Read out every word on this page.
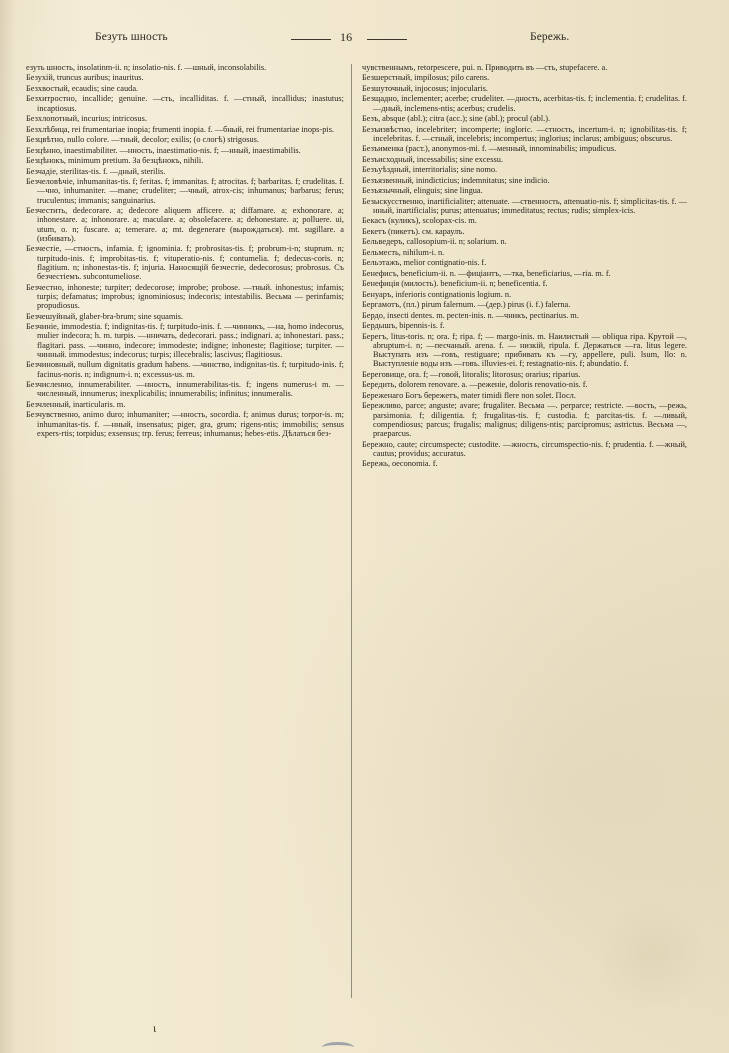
Безуть шность	16	Бережь.

езуть шность, insolatinm-ii. n; insolatio-nis. f. —шный, inconsolabilis.

Безухій, truncus auribus; inauritus.

Безхвостый, ecaudis; sine cauda.

Безхитростно, incallide; genuine. —сть, incalliditas. f. —стный, incallidus; inastutus; incaptiosus.

Безхлопотный, incurius; intricosus.

Безхлѣбица, rei frumentariae inopia; frumenti inopia. f. —бный, rei frumentariae inops-pis.

Безцвѣтно, nullo colore. —тный, decolor; exilis; (о слогѣ) strigosus.

Безцѣнно, inaestimabiliter. —нность, inaestimatio-nis. f; —нный, inaestimabilis.

Безцѣнокъ, minimum pretium. За безцѣнокъ, nihili.

Безчадіе, sterilitas-tis. f. —дный, sterilis.

Безчеловѣчіе, inhumanitas-tis. f; feritas. f; immanitas. f; atrocitas. f; barbaritas. f; crudelitas. f. —чно, inhumaniter. —mane; crudeliter; —чный, atrox-cis; inhumanus; barbarus; ferus; truculentus; immanis; sanguinarius.

Безчестить, dedecorare. a; dedecore aliquem afficere. a; diffamare. a; exhonorare. a; inhonestare. a; inhonorare. a; maculare. a; obsolefacere. a; dehonestare. a; polluere. ui, utum, o. n; fuscare. a; temerare. a; mt. degenerare (вырождаться). mt. sugillare. a (избивать).

Безчестіе, —стность, infamia. f; ignominia. f; probrositas-tis. f; probrum-i-n; stuprum. n; turpitudo-inis. f; improbitas-tis. f; vituperatio-nis. f; contumelia. f; dedecus-coris. n; flagitium. n; inhonestas-tis. f; injuria. Наносящій безчестіе, dedecorosus; probrosus. Съ безчестіемъ. subcontumeliose.

Безчестно, inhoneste; turpiter; dedecorose; improbe; probose. —тный. inhonestus; infamis; turpis; defamatus; improbus; ignominiosus; indecoris; intestabilis. Весьма — perinfamis; propudiosus.

Безчешуйный, glaber-bra-brum; sine squamis.

Безчиніе, immodestia. f; indignitas-tis. f; turpitudo-inis. f. —чинникъ, —на, homo indecorus, mulier indecora; h. m. turpis. —нничать, dedecorari. pass.; indignari. a; inhonestari. pass.; flagitari. pass. —чинно, indecore; immodeste; indigne; inhoneste; flagitiose; turpiter. —чинный. immodestus; indecorus; turpis; illecebralis; lascivus; flagitiosus.

Безчиновный, nullum dignitatis gradum habens. —чинство, indignitas-tis. f; turpitudo-inis. f; facinus-noris. n; indignum-i. n; excessus-us. m.

Безчисленно, innumerabiliter. —нность, innumerabilitas-tis. f; ingens numerus-i m. —численный, innumerus; inexplicabilis; innumerabilis; infinitus; innumeralis.

Безчленный, inarticularis. m.

Безчувственно, animo duro; inhumaniter; —нность, socordia. f; animus durus; torpor-is. m; inhumanitas-tis. f. —нный, insensatus; piger, gra, grum; rigens-ntis; immobilis; sensus expers-rtis; torpidus; exsensus; trp. ferus; ferreus; inhumanus; hebes-etis. Дѣлаться без-

чувственнымъ, retorpescere, pui. n. Приводить въ —сть, stupefacere. a.

Безшерстный, impilosus; pilo carens.

Безшуточный, injocosus; injocularis.

Безщадно, inclementer; acerbe; crudeliter. —дность, acerbitas-tis. f; inclementia. f; crudelitas. f. —дный, inclemens-ntis; acerbus; crudelis.

Безъ, absque (abl.); citra (acc.); sine (abl.); procul (abl.).

Безъизвѣстно, incelebriter; incomperte; ingloric. —стность, incertum-i. n; ignobilitas-tis. f; incelebritas. f. —стный, incelebris; incompertus; inglorius; inclarus; ambiguus; obscurus.

Безъименка (раст.), anonymos-mi. f. —менный, innominabilis; impudicus.

Безъисходный, incessabilis; sine excessu.

Безъуѣздный, interritorialis; sine nomo.

Безъязвенный, inindicticius; indemnitatus; sine indicio.

Безъязычный, elinguis; sine lingua.

Безыскусственно, inartificialiter; attenuate. —ственность, attenuatio-nis. f; simplicitas-tis. f. —нный, inartificialis; purus; attenuatus; immeditatus; rectus; rudis; simplex-icis.

Бекасъ (куликъ), scolopax-cis. m.

Бекетъ (пикетъ). см. караулъ.

Бельведеръ, callosopium-ii. n; solarium. n.

Бельместь, nihilum-i. n.

Бельэтажъ, melior contignatio-nis. f.

Бенефисъ, beneficium-ii. n. —фиціантъ, —тка, beneficiarius, —ria. m. f.

Бенефиція (милость). beneficium-ii. n; beneficentia. f.

Бенуаръ, inferioris contignationis logium. n.

Бергамотъ, (пл.) pirum falernum. —(дер.) pirus (i. f.) falerna.

Бердо, insecti dentes. m. pecten-inis. n. —чникъ, pectinarius. m.

Бердышъ, bipennis-is. f.

Берегъ, litus-toris. n; ora. f; ripa. f; — margo-inis. m. Наилистый — obliqua ripa. Крутой —, abruptum-i. n; —песчаный. arena. f. — низкій, ripula. f. Держаться —га. litus legere. Выступать изъ —говъ, restiguare; прибивать къ —гу, appellere, puli. lsum, llo: n. Выступленіе воды изъ —говъ. illuvies-ei. f; restagnatio-nis. f; abundatio. f.

Береговище, ora. f; —говой, litoralis; litorosus; orarius; riparius.

Бередить, dolorem renovare. a. —реженіе, doloris renovatio-nis. f.

Береженаго Богъ бережетъ, mater timidi flere non solet. Посл.

Бережливо, parce; anguste; avare; frugaliter. Весьма —. perparce; restricte. —вость, —режь, parsimonia. f; diligentia. f; frugalitas-tis. f; custodia. f; parcitas-tis. f. —ливый, compendiosus; parcus; frugalis; malignus; diligens-ntis; parcipromus; astrictus. Весьма —, praeparcus.

Бережно, caute; circumspecte; custodite. —жность, circumspectio-nis. f; prudentia. f. —жный, cautus; providus; accuratus.

Бережь, oeconomia. f.

ɩ
